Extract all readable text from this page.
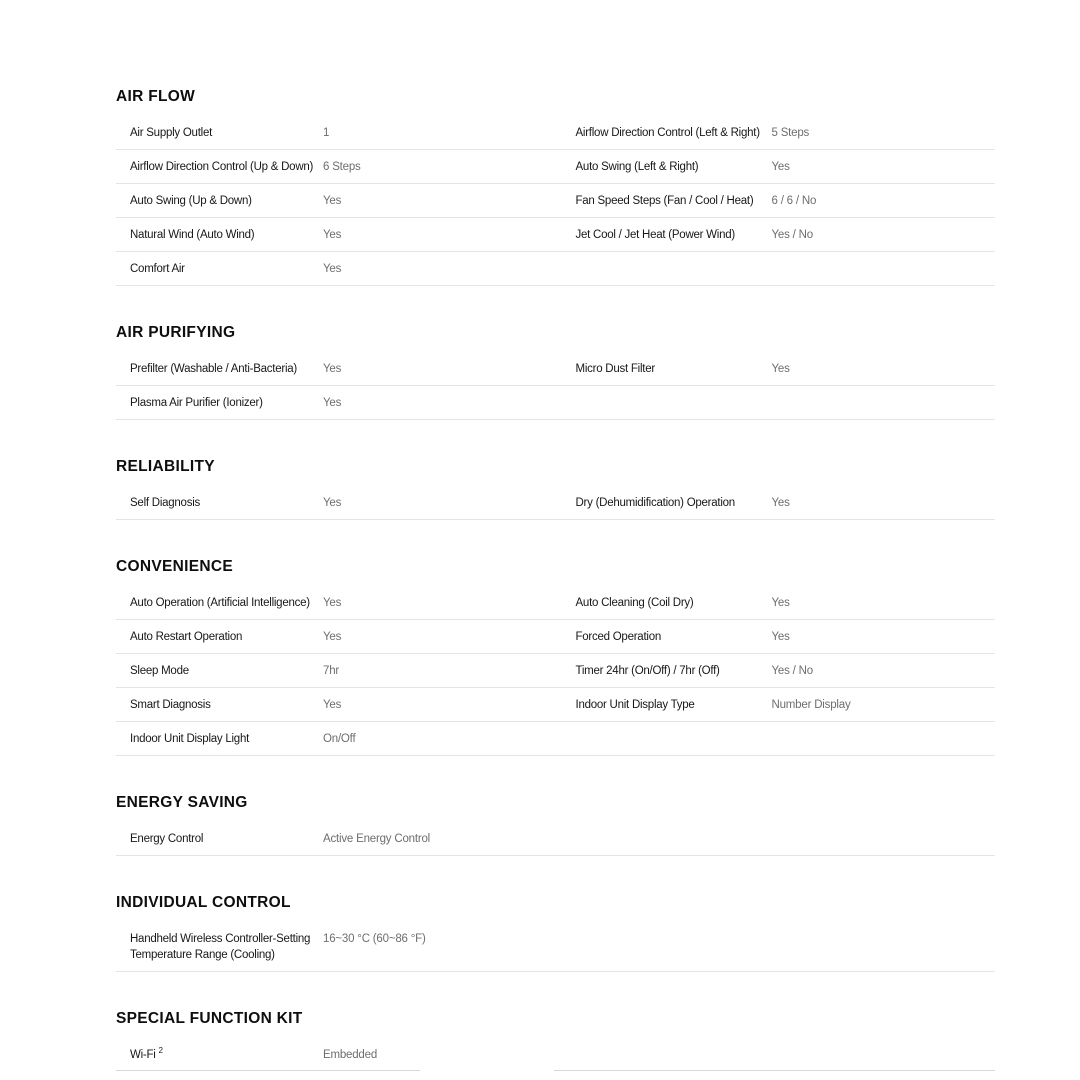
AIR FLOW
Air Supply Outlet	1	Airflow Direction Control (Left & Right)	5 Steps
Airflow Direction Control (Up & Down) 6 Steps	Auto Swing (Left & Right)	Yes
Auto Swing (Up & Down)	Yes	Fan Speed Steps (Fan / Cool / Heat)	6 / 6 / No
Natural Wind (Auto Wind)	Yes	Jet Cool / Jet Heat (Power Wind)	Yes / No
Comfort Air	Yes
AIR PURIFYING
Prefilter (Washable / Anti-Bacteria)	Yes	Micro Dust Filter	Yes
Plasma Air Purifier (Ionizer)	Yes
RELIABILITY
Self Diagnosis	Yes	Dry (Dehumidification) Operation	Yes
CONVENIENCE
Auto Operation (Artificial Intelligence)	Yes	Auto Cleaning (Coil Dry)	Yes
Auto Restart Operation	Yes	Forced Operation	Yes
Sleep Mode	7hr	Timer 24hr (On/Off) / 7hr (Off)	Yes / No
Smart Diagnosis	Yes	Indoor Unit Display Type	Number Display
Indoor Unit Display Light	On/Off
ENERGY SAVING
Energy Control	Active Energy Control
INDIVIDUAL CONTROL
Handheld Wireless Controller-Setting Temperature Range (Cooling)
16~30 °C (60~86 °F)
SPECIAL FUNCTION KIT
Wi-Fi $^2$	Embedded
